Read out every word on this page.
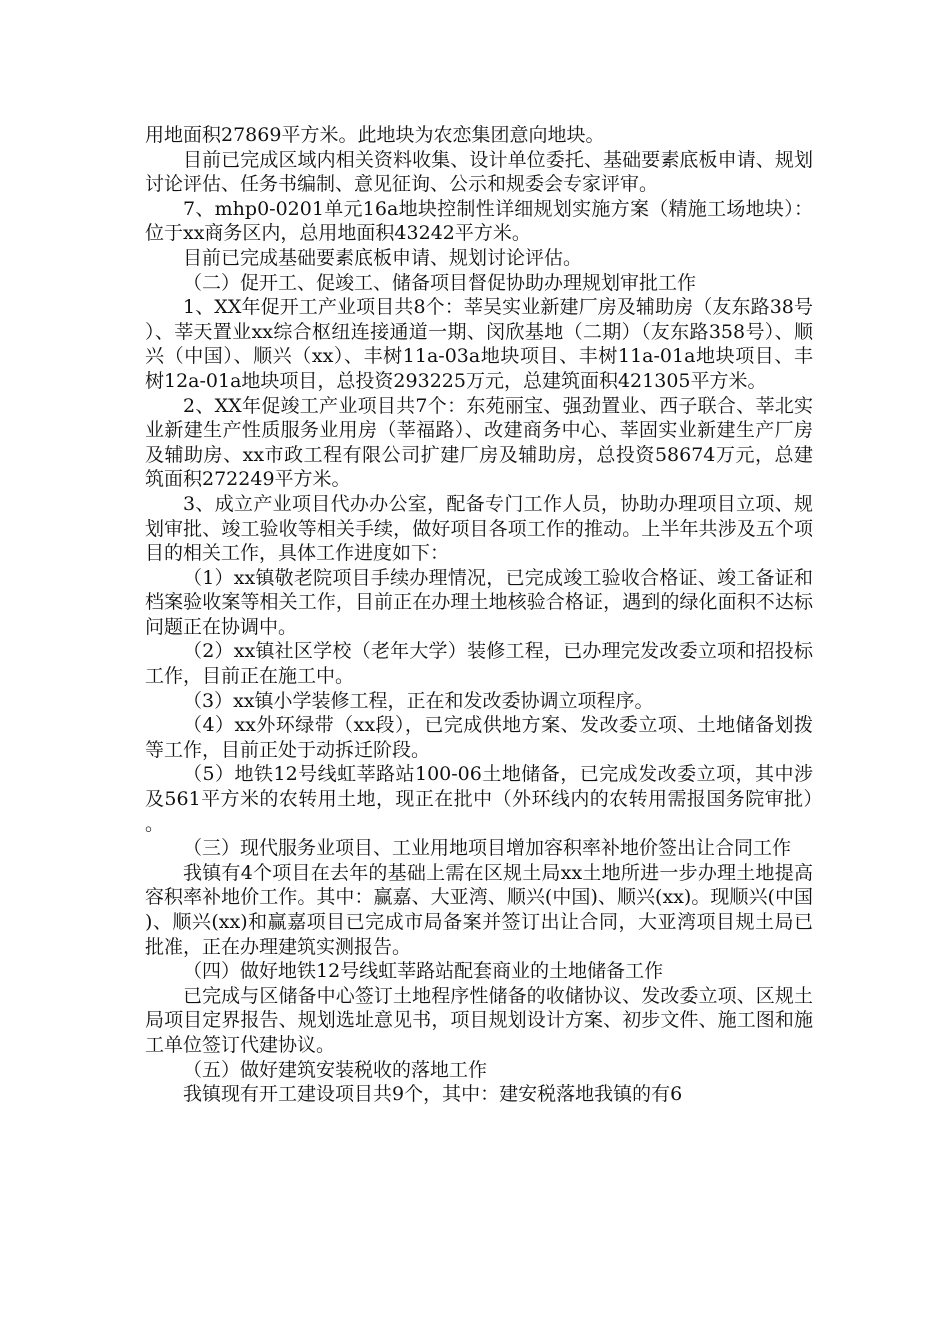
用地面积27869平方米。此地块为农恋集团意向地块。

目前已完成区域内相关资料收集、设计单位委托、基础要素底板申请、规划讨论评估、任务书编制、意见征询、公示和规委会专家评审。

7、mhp0-0201单元16a地块控制性详细规划实施方案（精施工场地块）：位于xx商务区内，总用地面积43242平方米。

目前已完成基础要素底板申请、规划讨论评估。

（二）促开工、促竣工、储备项目督促协助办理规划审批工作

1、XX年促开工产业项目共8个：莘吴实业新建厂房及辅助房（友东路38号）、莘天置业xx综合枢纽连接通道一期、闵欣基地（二期）（友东路358号）、顺兴（中国）、顺兴（xx）、丰树11a-03a地块项目、丰树11a-01a地块项目、丰树12a-01a地块项目，总投资293225万元，总建筑面积421305平方米。

2、XX年促竣工产业项目共7个：东苑丽宝、强劲置业、西子联合、莘北实业新建生产性质服务业用房（莘福路）、改建商务中心、莘固实业新建生产厂房及辅助房、xx市政工程有限公司扩建厂房及辅助房，总投资58674万元，总建筑面积272249平方米。

3、成立产业项目代办办公室，配备专门工作人员，协助办理项目立项、规划审批、竣工验收等相关手续，做好项目各项工作的推动。上半年共涉及五个项目的相关工作，具体工作进度如下：

（1）xx镇敬老院项目手续办理情况，已完成竣工验收合格证、竣工备证和档案验收案等相关工作，目前正在办理土地核验合格证，遇到的绿化面积不达标问题正在协调中。

（2）xx镇社区学校（老年大学）装修工程，已办理完发改委立项和招投标工作，目前正在施工中。

（3）xx镇小学装修工程，正在和发改委协调立项程序。

（4）xx外环绿带（xx段），已完成供地方案、发改委立项、土地储备划拨等工作，目前正处于动拆迁阶段。

（5）地铁12号线虹莘路站100-06土地储备，已完成发改委立项，其中涉及561平方米的农转用土地，现正在批中（外环线内的农转用需报国务院审批）。

（三）现代服务业项目、工业用地项目增加容积率补地价签出让合同工作

我镇有4个项目在去年的基础上需在区规土局xx土地所进一步办理土地提高容积率补地价工作。其中：赢嘉、大亚湾、顺兴(中国)、顺兴(xx)。现顺兴(中国)、顺兴(xx)和赢嘉项目已完成市局备案并签订出让合同，大亚湾项目规土局已批准，正在办理建筑实测报告。

（四）做好地铁12号线虹莘路站配套商业的土地储备工作

已完成与区储备中心签订土地程序性储备的收储协议、发改委立项、区规土局项目定界报告、规划选址意见书，项目规划设计方案、初步文件、施工图和施工单位签订代建协议。

（五）做好建筑安装税收的落地工作

我镇现有开工建设项目共9个，其中：建安税落地我镇的有6
